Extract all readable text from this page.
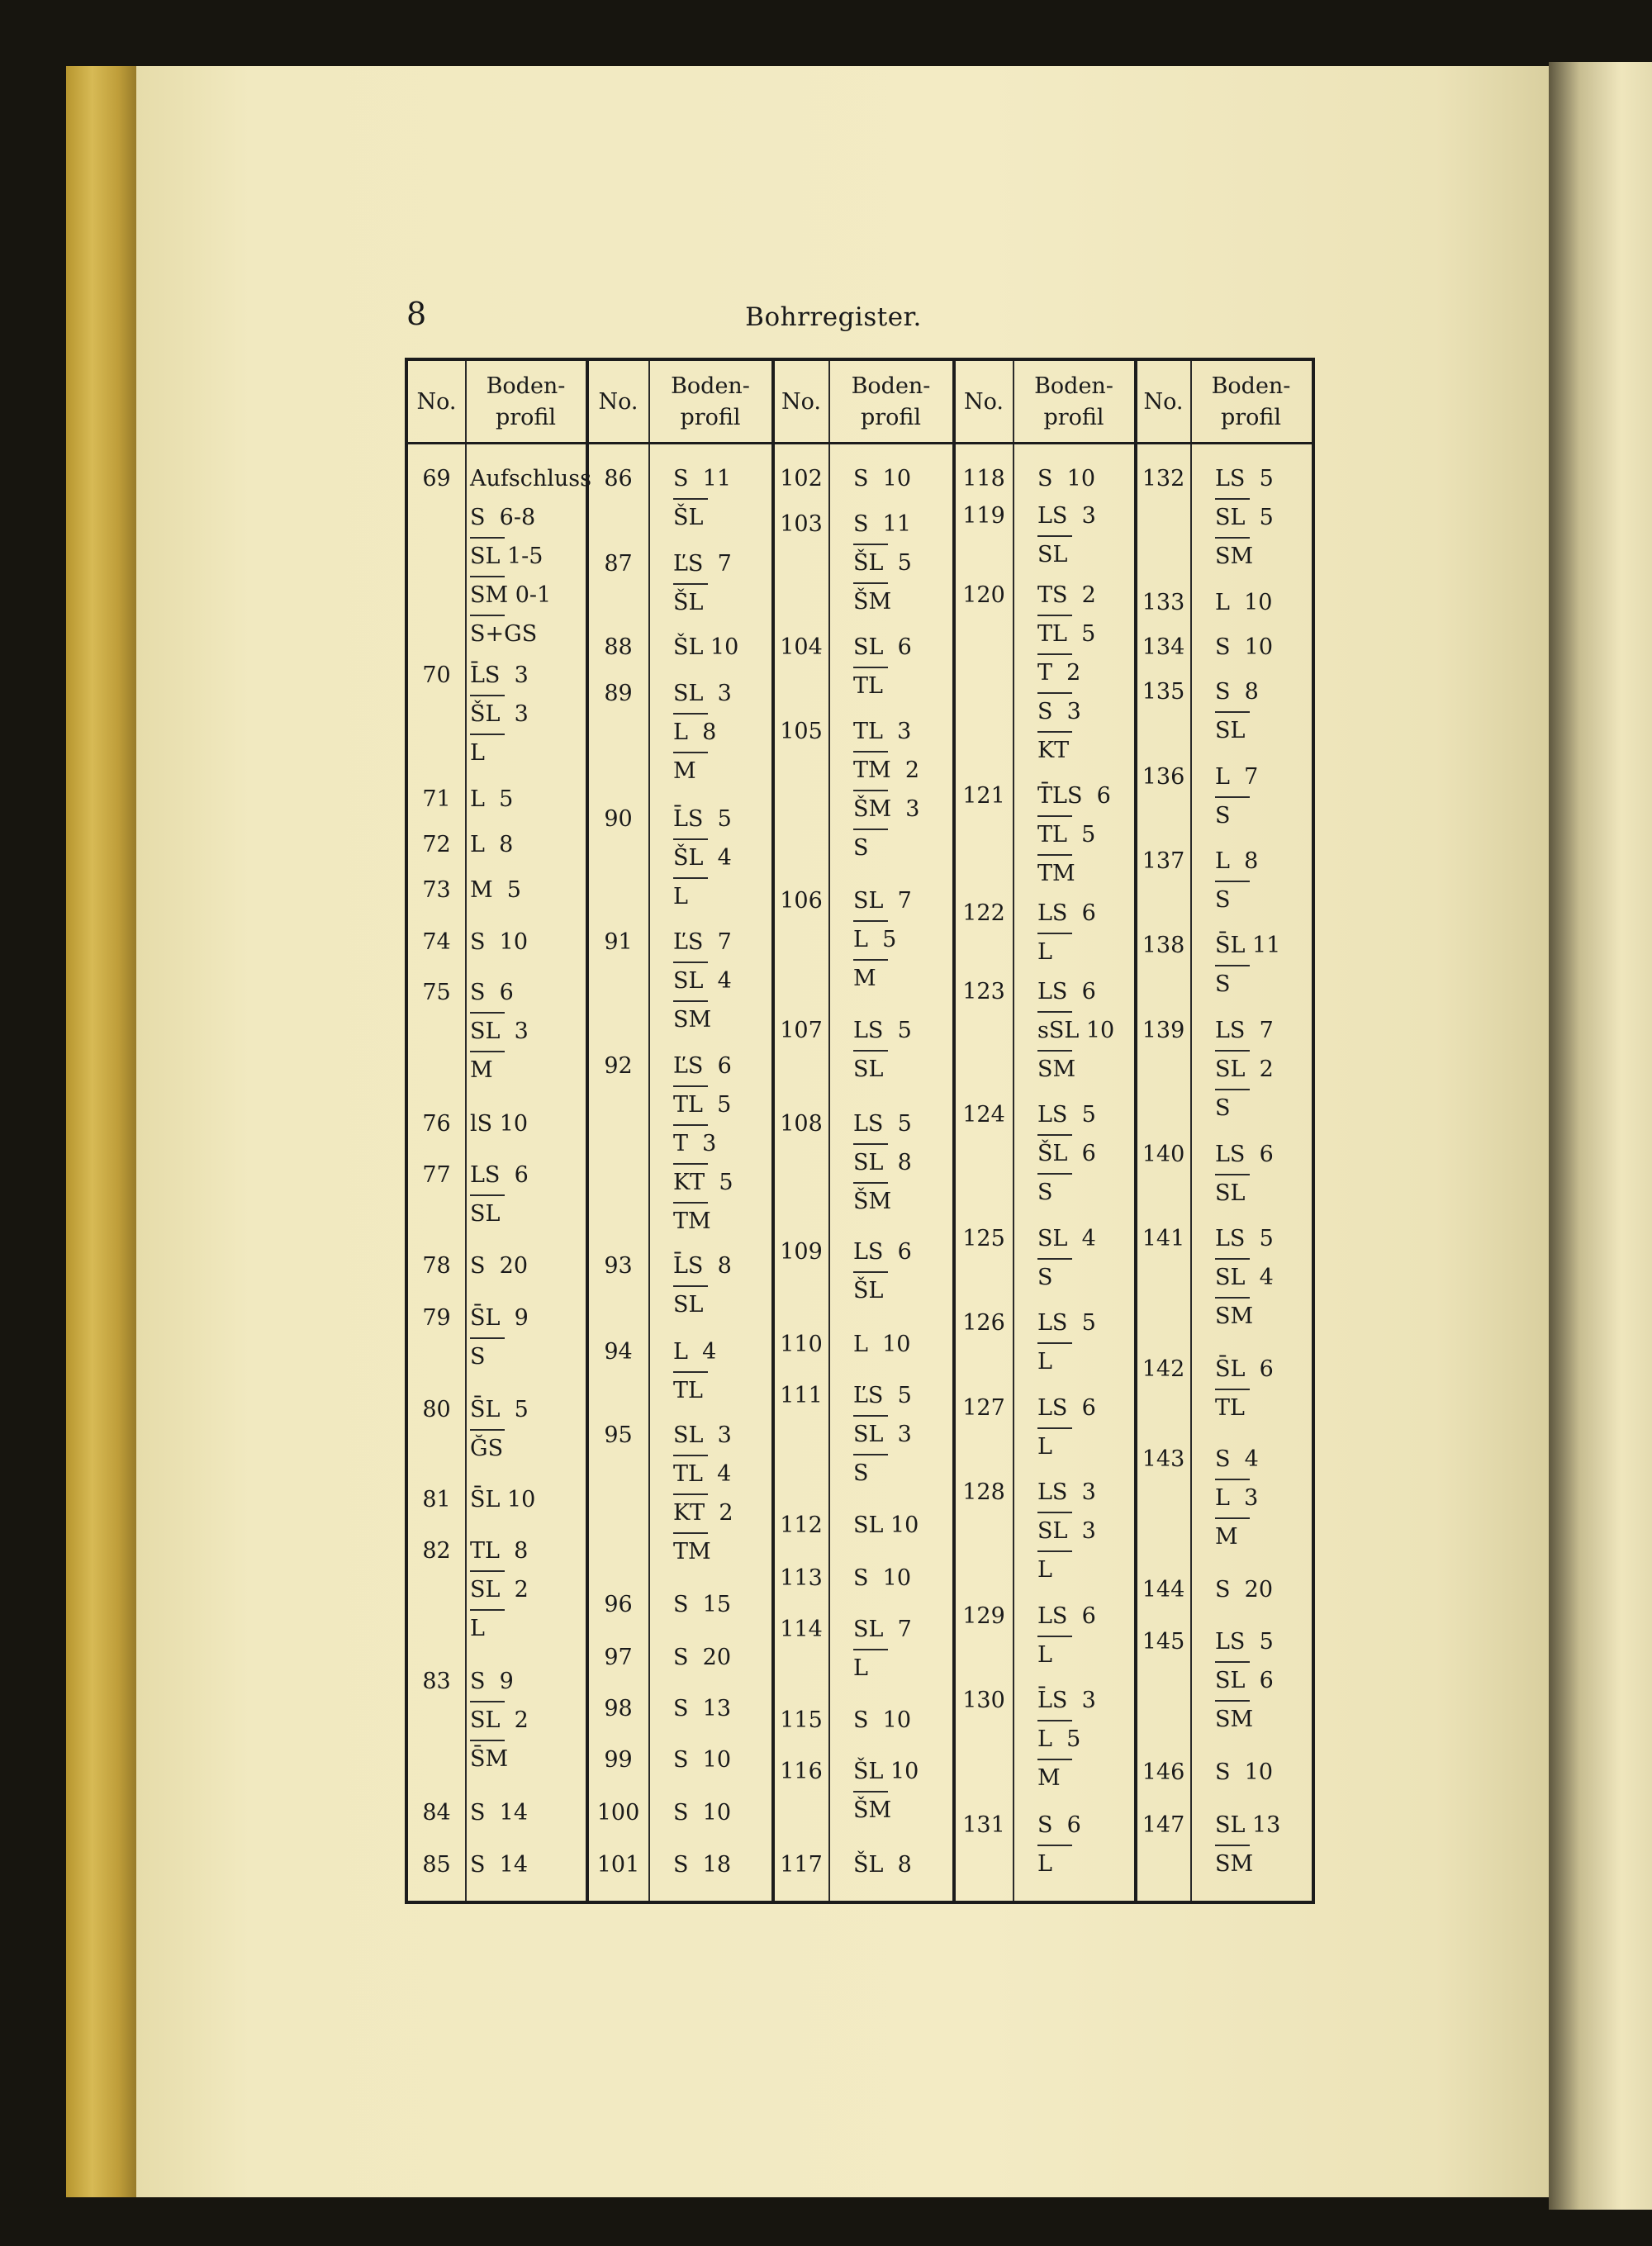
8	Bohrregister.
No.
Boden-
profil
No.
Boden-
profil
No.
Boden-
profil
No.
Boden-
profil
No.
Boden-
profil
69 Aufschluss
S  6-8
SL 1-5
SM 0-1
S+GS
70 L̄S  3
ŠL  3
L
71 L  5
72 L  8
73 M  5
74 S  10
75 S  6
SL  3
M
76 lS 10
77 LS  6
SL
78 S  20
79 S̄L  9
S
80 S̄L  5
ĞS
81 S̄L 10
82 TL  8
SL  2
L
83 S  9
SL  2
S̄M
84 S  14
85 S  14
86	S  11
ŠL
87	ĽS  7
ŠL
88	ŠL 10
89	SL  3
L  8
M
90	L̄S  5
ŠL  4
L
91	ĽS  7
SL  4
SM
92	ĽS  6
TL  5
T  3
KT  5
TM
93	L̄S  8
SL
94	L  4
TL
95	SL  3
TL  4
KT  2
TM
96	S  15
97	S  20
98	S  13
99	S  10
100	S  10
101	S  18
102 S  10
103 S  11
ŠL  5
ŠM
104 SL  6
TL
105 TL  3
TM  2
ŠM  3
S
106 SL  7
L  5
M
107 LS  5
SL
108 LS  5
SL  8
ŠM
109 LS  6
ŠL
110 L  10
111 ĽS  5
SL  3
S
112 SL 10
113 S  10
114 SL  7
L
115 S  10
116 ŠL 10
ŠM
117 ŠL  8
118	S  10
119	LS  3
SL
120	TS  2
TL  5
T  2
S  3
KT
121	T̄LS  6
TL  5
TM
122	LS  6
L
123	LS  6
sSL 10
SM
124	LS  5
ŠL  6
S
125	SL  4
S
126	LS  5
L
127	LS  6
L
128	LS  3
SL  3
L
129	LS  6
L
130	L̄S  3
L  5
M
131	S  6
L
132 LS  5
SL  5
SM
133 L  10
134 S  10
135 S  8
SL
136 L  7
S
137 L  8
S
138 S̄L 11
S
139 LS  7
SL  2
S
140 LS  6
SL
141 LS  5
SL  4
SM
142 S̄L  6
TL
143 S  4
L  3
M
144 S  20
145 LS  5
SL  6
SM
146 S  10
147 SL 13
SM
